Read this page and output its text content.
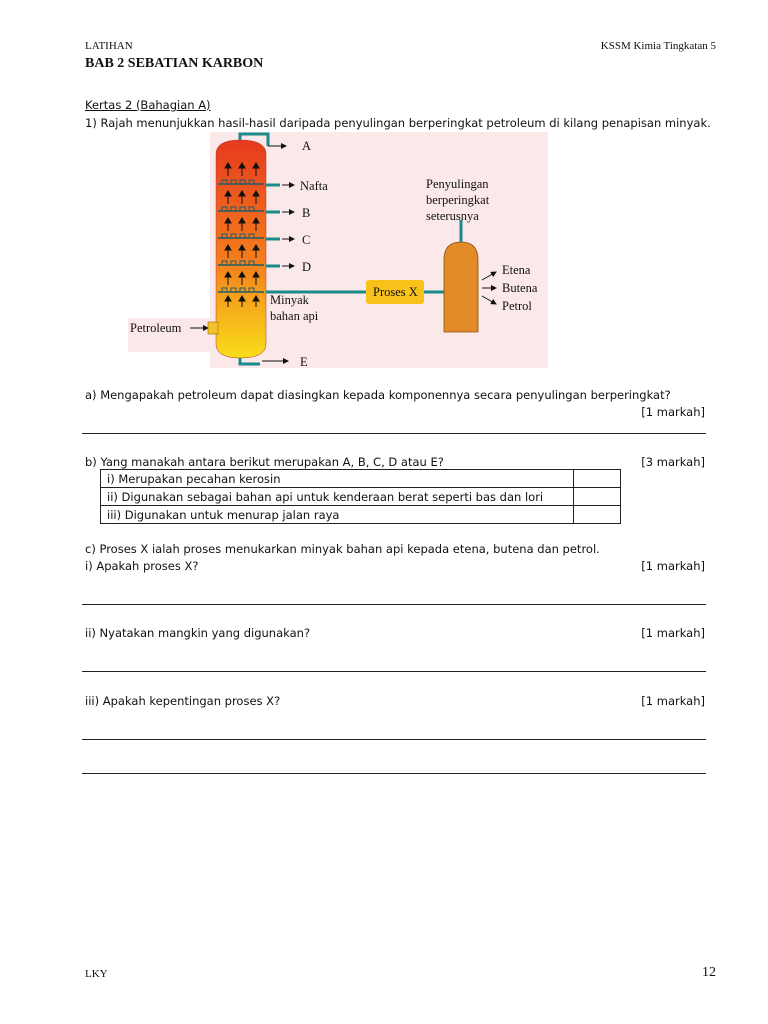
LATIHAN	KSSM Kimia Tingkatan 5
BAB 2 SEBATIAN KARBON
Kertas 2 (Bahagian A)
1) Rajah menunjukkan hasil-hasil daripada penyulingan berperingkat petroleum di kilang penapisan minyak.
A
Nafta
B
C
D
Minyak
bahan api
E
Petroleum
Proses X
Penyulingan
berperingkat
seterusnya
Etena
Butena
Petrol
a) Mengapakah petroleum dapat diasingkan kepada komponennya secara penyulingan berperingkat?
[1 markah]
b) Yang manakah antara berikut merupakan A, B, C, D atau E?	[3 markah]
i) Merupakan pecahan kerosin	
ii) Digunakan sebagai bahan api untuk kenderaan berat seperti bas dan lori	
iii) Digunakan untuk menurap jalan raya	
c) Proses X ialah proses menukarkan minyak bahan api kepada etena, butena dan petrol.
i) Apakah proses X?	[1 markah]
ii) Nyatakan mangkin yang digunakan?	[1 markah]
iii) Apakah kepentingan proses X?	[1 markah]
LKY	12
